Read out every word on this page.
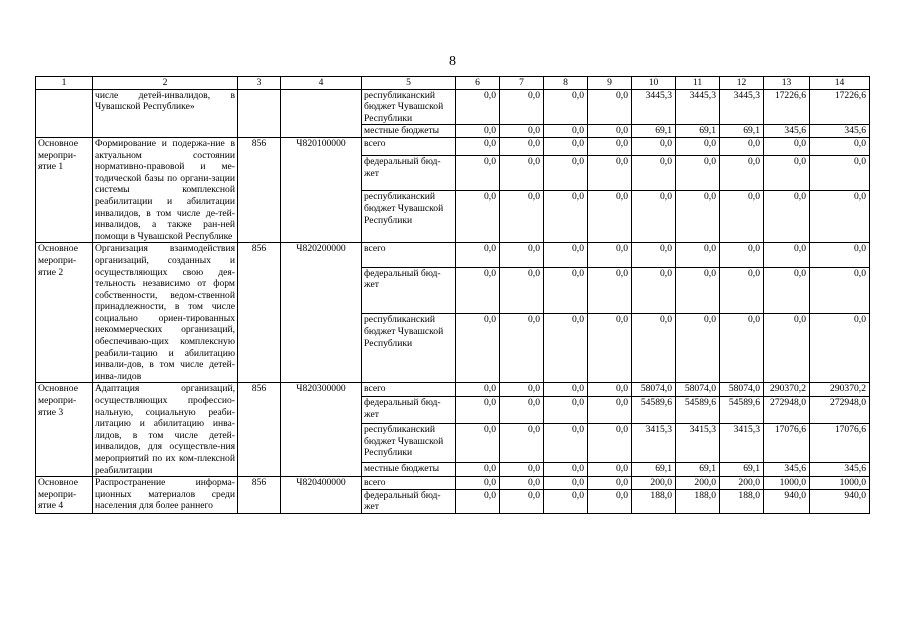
8
1	2	3	4	5	6	7	8	9	10	11	12	13	14
	числе детей-инвалидов, в Чувашской Республике»			республиканский бюджет Чувашской Республики	0,0	0,0	0,0	0,0	3445,3	3445,3	3445,3	17226,6	17226,6
				местные бюджеты	0,0	0,0	0,0	0,0	69,1	69,1	69,1	345,6	345,6
Основное меропри-ятие 1	Формирование и подержа-ние в актуальном состоянии нормативно-правовой и ме-тодической базы по органи-зации системы комплексной реабилитации и абилитации инвалидов, в том числе де-тей-инвалидов, а также ран-ней помощи в Чувашской Республике	856	Ч820100000	всего	0,0	0,0	0,0	0,0	0,0	0,0	0,0	0,0	0,0
				федеральный бюд-жет	0,0	0,0	0,0	0,0	0,0	0,0	0,0	0,0	0,0
				республиканский бюджет Чувашской Республики	0,0	0,0	0,0	0,0	0,0	0,0	0,0	0,0	0,0
Основное меропри-ятие 2	Организация взаимодействия организаций, созданных и осуществляющих свою дея-тельность независимо от форм собственности, ведом-ственной принадлежности, в том числе социально ориен-тированных некоммерческих организаций, обеспечиваю-щих комплексную реабили-тацию и абилитацию инвали-дов, в том числе детей-инва-лидов	856	Ч820200000	всего	0,0	0,0	0,0	0,0	0,0	0,0	0,0	0,0	0,0
				федеральный бюд-жет	0,0	0,0	0,0	0,0	0,0	0,0	0,0	0,0	0,0
				республиканский бюджет Чувашской Республики	0,0	0,0	0,0	0,0	0,0	0,0	0,0	0,0	0,0
Основное меропри-ятие 3	Адаптация организаций, осуществляющих профессио-нальную, социальную реаби-литацию и абилитацию инва-лидов, в том числе детей-инвалидов, для осуществле-ния мероприятий по их ком-плексной реабилитации	856	Ч820300000	всего	0,0	0,0	0,0	0,0	58074,0	58074,0	58074,0	290370,2	290370,2
				федеральный бюд-жет	0,0	0,0	0,0	0,0	54589,6	54589,6	54589,6	272948,0	272948,0
				республиканский бюджет Чувашской Республики	0,0	0,0	0,0	0,0	3415,3	3415,3	3415,3	17076,6	17076,6
				местные бюджеты	0,0	0,0	0,0	0,0	69,1	69,1	69,1	345,6	345,6
Основное меропри-ятие 4	Распространение информа-ционных материалов среди населения для более раннего	856	Ч820400000	всего	0,0	0,0	0,0	0,0	200,0	200,0	200,0	1000,0	1000,0
				федеральный бюд-жет	0,0	0,0	0,0	0,0	188,0	188,0	188,0	940,0	940,0
